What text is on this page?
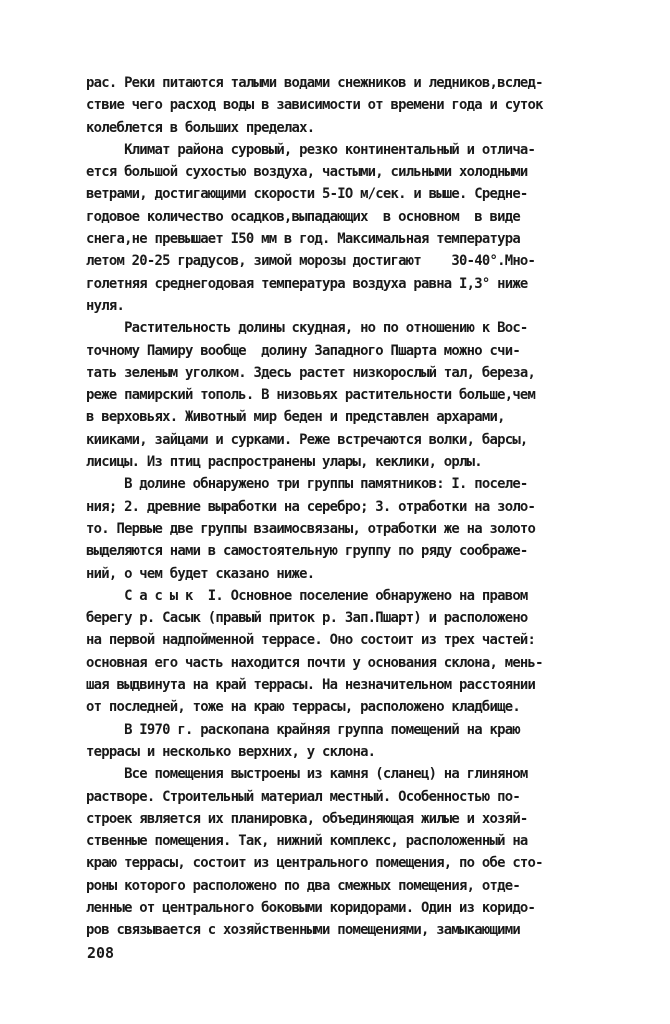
рас. Реки питаются талыми водами снежников и ледников,вслед-
ствие чего расход воды в зависимости от времени года и суток
колеблется в больших пределах.
Климат района суровый, резко континентальный и отлича-
ется большой сухостью воздуха, частыми, сильными холодными
ветрами, достигающими скорости 5-IO м/сек. и выше. Средне-
годовое количество осадков,выпадающих  в основном  в виде
снега,не превышает I50 мм в год. Максимальная температура
летом 20-25 градусов, зимой морозы достигают    30-40°.Мно-
голетняя среднегодовая температура воздуха равна I,3° ниже
нуля.
Растительность долины скудная, но по отношению к Вос-
точному Памиру вообще  долину Западного Пшарта можно счи-
тать зеленым уголком. Здесь растет низкорослый тал, береза,
реже памирский тополь. В низовьях растительности больше,чем
в верховьях. Животный мир беден и представлен архарами,
кииками, зайцами и сурками. Реже встречаются волки, барсы,
лисицы. Из птиц распространены улары, кеклики, орлы.
В долине обнаружено три группы памятников: I. поселе-
ния; 2. древние выработки на серебро; 3. отработки на золо-
то. Первые две группы взаимосвязаны, отработки же на золото
выделяются нами в самостоятельную группу по ряду соображе-
ний, о чем будет сказано ниже.
С а с ы к  I. Основное поселение обнаружено на правом
берегу р. Сасык (правый приток р. Зап.Пшарт) и расположено
на первой надпойменной террасе. Оно состоит из трех частей:
основная его часть находится почти у основания склона, мень-
шая выдвинута на край террасы. На незначительном расстоянии
от последней, тоже на краю террасы, расположено кладбище.
В I970 г. раскопана крайняя группа помещений на краю
террасы и несколько верхних, у склона.
Все помещения выстроены из камня (сланец) на глиняном
растворе. Строительный материал местный. Особенностью по-
строек является их планировка, объединяющая жилые и хозяй-
ственные помещения. Так, нижний комплекс, расположенный на
краю террасы, состоит из центрального помещения, по обе сто-
роны которого расположено по два смежных помещения, отде-
ленные от центрального боковыми коридорами. Один из коридо-
ров связывается с хозяйственными помещениями, замыкающими
208
